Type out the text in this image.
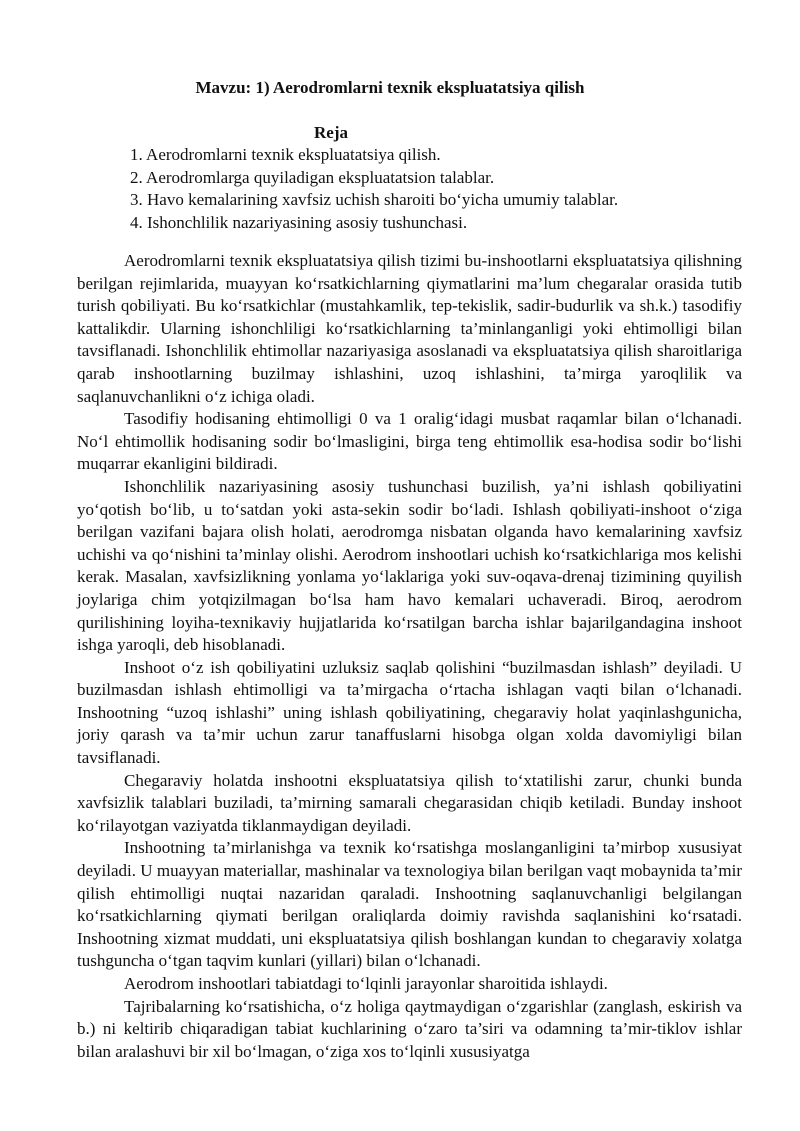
Mavzu: 1) Aerodromlarni texnik ekspluatatsiya qilish
Reja
1. Aerodromlarni texnik ekspluatatsiya qilish.
2. Aerodromlarga quyiladigan ekspluatatsion talablar.
3. Havo kemalarining xavfsiz uchish sharoiti bo‘yicha umumiy talablar.
4. Ishonchlilik nazariyasining asosiy tushunchasi.

Aerodromlarni texnik ekspluatatsiya qilish tizimi bu-inshootlarni ekspluatatsiya qilishning berilgan rejimlarida, muayyan ko‘rsatkichlarning qiymatlarini ma’lum chegaralar orasida tutib turish qobiliyati. Bu ko‘rsatkichlar (mustahkamlik, tep-tekislik, sadir-budurlik va sh.k.) tasodifiy kattalikdir. Ularning ishonchliligi ko‘rsatkichlarning ta’minlanganligi yoki ehtimolligi bilan tavsiflanadi. Ishonchlilik ehtimollar nazariyasiga asoslanadi va ekspluatatsiya qilish sharoitlariga qarab inshootlarning buzilmay ishlashini, uzoq ishlashini, ta’mirga yaroqlilik va saqlanuvchanlikni o‘z ichiga oladi.

Tasodifiy hodisaning ehtimolligi 0 va 1 oralig‘idagi musbat raqamlar bilan o‘lchanadi. No‘l ehtimollik hodisaning sodir bo‘lmasligini, birga teng ehtimollik esa-hodisa sodir bo‘lishi muqarrar ekanligini bildiradi.

Ishonchlilik nazariyasining asosiy tushunchasi buzilish, ya’ni ishlash qobiliyatini yo‘qotish bo‘lib, u to‘satdan yoki asta-sekin sodir bo‘ladi. Ishlash qobiliyati-inshoot o‘ziga berilgan vazifani bajara olish holati, aerodromga nisbatan olganda havo kemalarining xavfsiz uchishi va qo‘nishini ta’minlay olishi. Aerodrom inshootlari uchish ko‘rsatkichlariga mos kelishi kerak. Masalan, xavfsizlikning yonlama yo‘laklariga yoki suv-oqava-drenaj tizimining quyilish joylariga chim yotqizilmagan bo‘lsa ham havo kemalari uchaveradi. Biroq, aerodrom qurilishining loyiha-texnikaviy hujjatlarida ko‘rsatilgan barcha ishlar bajarilgandagina inshoot ishga yaroqli, deb hisoblanadi.

Inshoot o‘z ish qobiliyatini uzluksiz saqlab qolishini “buzilmasdan ishlash” deyiladi. U buzilmasdan ishlash ehtimolligi va ta’mirgacha o‘rtacha ishlagan vaqti bilan o‘lchanadi. Inshootning “uzoq ishlashi” uning ishlash qobiliyatining, chegaraviy holat yaqinlashgunicha, joriy qarash va ta’mir uchun zarur tanaffuslarni hisobga olgan xolda davomiyligi bilan tavsiflanadi.

Chegaraviy holatda inshootni ekspluatatsiya qilish to‘xtatilishi zarur, chunki bunda xavfsizlik talablari buziladi, ta’mirning samarali chegarasidan chiqib ketiladi. Bunday inshoot ko‘rilayotgan vaziyatda tiklanmaydigan deyiladi.

Inshootning ta’mirlanishga va texnik ko‘rsatishga moslanganligini ta’mirbop xususiyat deyiladi. U muayyan materiallar, mashinalar va texnologiya bilan berilgan vaqt mobaynida ta’mir qilish ehtimolligi nuqtai nazaridan qaraladi. Inshootning saqlanuvchanligi belgilangan ko‘rsatkichlarning qiymati berilgan oraliqlarda doimiy ravishda saqlanishini ko‘rsatadi. Inshootning xizmat muddati, uni ekspluatatsiya qilish boshlangan kundan to chegaraviy xolatga tushguncha o‘tgan taqvim kunlari (yillari) bilan o‘lchanadi.

Aerodrom inshootlari tabiatdagi to‘lqinli jarayonlar sharoitida ishlaydi.

Tajribalarning ko‘rsatishicha, o‘z holiga qaytmaydigan o‘zgarishlar (zanglash, eskirish va b.) ni keltirib chiqaradigan tabiat kuchlarining o‘zaro ta’siri va odamning ta’mir-tiklov ishlar bilan aralashuvi bir xil bo‘lmagan, o‘ziga xos to‘lqinli xususiyatga
